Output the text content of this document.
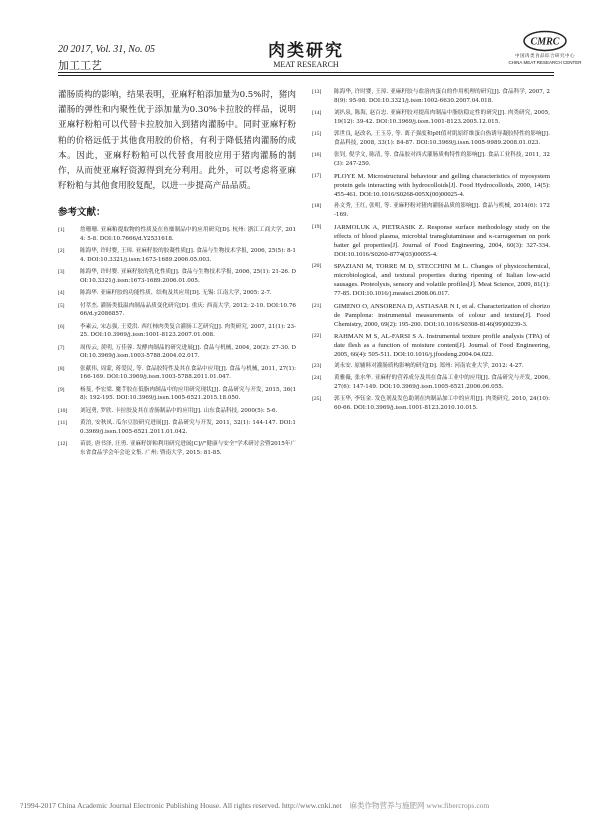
20 2017, Vol. 31, No. 05
加工工艺
肉类研究
MEAT RESEARCH
CMRC
中国肉类食品综合研究中心
CHINA MEAT RESEARCH CENTER

灌肠质构的影响，结果表明，亚麻籽粕添加量为0.5%时，猪肉灌肠的弹性和内聚性优于添加量为0.30%卡拉胶的样品，说明亚麻籽粉粕可以代替卡拉胶加入到猪肉灌肠中。同时亚麻籽粉粕的价格远低于其他食用胶的价格，有利于降低猪肉灌肠的成本。因此，亚麻籽粉粕可以代替食用胶应用于猪肉灌肠的制作，从而使亚麻籽资源得到充分利用。此外，可以考虑将亚麻籽粉粕与其他食用胶复配，以进一步提高产品品质。

参考文献：
[1]	詹珊珊. 亚麻粕提取物的性质及在鱼糜制品中的应用研究[D]. 杭州: 浙江工商大学, 2014: 5-8. DOI:10.7666/d.Y2531618.
[2]	陈海华, 许时婴, 王璋. 亚麻籽胶的胶凝性质[J]. 食品与生物技术学报, 2006, 25(5): 8-14. DOI:10.3321/j.issn:1673-1689.2006.05.003.
[3]	陈海华, 许时婴. 亚麻籽胶的乳化性质[J]. 食品与生物技术学报, 2006, 25(1): 21-26. DOI:10.3321/j.issn:1673-1689.2006.01.005.
[4]	陈海华. 亚麻籽胶的功能性质、结构及其应用[D]. 无锡: 江南大学, 2005: 2-7.
[5]	付萃杰. 灌肠类低温肉制品品质变化研究[D]. 重庆: 西南大学, 2012: 2-10. DOI:10.7666/d.y2086857.
[6]	李素云, 宋志强, 王爱洪. 西红柿肉类复合灌肠工艺研究[J]. 肉类研究, 2007, 21(1): 23-25. DOI:10.3969/j.issn:1001-8123.2007.01.008.
[7]	周传云, 黄明, 万佳蓉. 发酵肉制品的研究进展[J]. 食品与机械, 2004, 20(2): 27-30. DOI:10.3969/j.issn.1003-5788.2004.02.017.
[8]	张献伟, 周蒙, 蒋爱民, 等. 食品胶特性及其在食品中应用[J]. 食品与机械, 2011, 27(1): 166-169. DOI:10.3969/j.issn.1003-5788.2011.01.047.
[9]	杨斐, 李宏梁. 魔芋胶在低脂肉制品中的应用研究现状[J]. 食品研究与开发, 2015, 36(18): 192-195. DOI:10.3969/j.issn.1005-6521.2015.18.050.
[10]	刘冠勇, 罗欣. 卡拉胶及其在香肠制品中的应用[J]. 山东食品科技, 2000(5): 5-6.
[11]	黄泊, 安秋凤. 瓜尔豆胶研究进展[J]. 食品研究与开发, 2011, 32(1): 144-147. DOI:10.3969/j.issn.1005-6521.2011.01.042.
[12]	苗晨, 唐书泽, 汪勇. 亚麻籽饼粕利用研究进展[C]//"健康与安全"学术研讨会暨2015年广东省食品学会年会论文集. 广州: 暨南大学, 2015: 81-85.
[13]	陈海华, 许时婴, 王璋. 亚麻籽胶与盐溶肉蛋白的作用机理的研究[J]. 食品科学, 2007, 28(9): 95-98. DOI:10.3321/j.issn:1002-6630.2007.04.018.
[14]	刘扒泉, 陈海, 赵百忠. 亚麻籽胶对提高肉制品中脂肪稳定性的研究[J]. 肉类研究, 2005, 19(12): 39-42. DOI:10.3969/j.issn.1001-8123.2005.12.015.
[15]	郭世良, 赵改名, 王玉芬, 等. 离子强度和pH值对肌原纤维蛋白热诱导凝胶特性的影响[J]. 食品科技, 2008, 33(1): 84-87. DOI:10.3969/j.issn.1005-9989.2008.01.023.
[16]	张钊, 倪学文, 陈清, 等. 食品胶对西式灌肠质构特性的影响[J]. 食品工业科技, 2011, 32(3): 247-250.
[17]	PLOYE M. Microstructural behaviour and gelling characteristics of myosystem protein gels interacting with hydrocolloids[J]. Food Hydrocolloids, 2000, 14(5): 455-461. DOI:10.1016/S0268-005X(00)00025-4.
[18]	孙文秀, 王红, 张明, 等. 亚麻籽粉对猪肉灌肠品质的影响[J]. 食品与机械, 2014(6): 172-169.
[19]	JARMOLUK A, PIETRASIK Z. Response surface methodology study on the effects of blood plasma, microbial transglutaminase and κ-carrageenan on pork batter gel properties[J]. Journal of Food Engineering, 2004, 60(3): 327-334. DOI:10.1016/S0260-8774(03)00055-4.
[20]	SPAZIANI M, TORRE M D, STECCHINI M L. Changes of physicochemical, microbiological, and textural properties during ripening of Italian low-acid sausages. Proteolysis, sensory and volatile profiles[J]. Meat Science, 2009, 81(1): 77-85. DOI:10.1016/j.meatsci.2008.06.017.
[21]	GIMENO O, ANSORENA D, ASTIASAR N I, et al. Characterization of chorizo de Pamplona: instrumental measurements of colour and texture[J]. Food Chemistry, 2000, 69(2): 195-200. DOI:10.1016/S0308-8146(99)00239-3.
[22]	RAHMAN M S, AL-FARSI S A. Instrumental texture profile analysis (TPA) of date flesh as a function of moisture content[J]. Journal of Food Engineering, 2005, 66(4): 505-511. DOI:10.1016/j.jfoodeng.2004.04.022.
[23]	刘永安. 原辅料对灌肠质构影响的研究[D]. 郑州: 河南农业大学, 2012: 4-27.
[24]	黄雅薇, 张水华. 亚麻籽的营养成分及其在食品工业中的应用[J]. 食品研究与开发, 2006, 27(6): 147-149. DOI:10.3969/j.issn.1005-6521.2006.06.055.
[25]	郭玉华, 李钰金. 发色剂及发色助剂在肉制品加工中的应用[J]. 肉类研究, 2010, 24(10): 60-66. DOI:10.3969/j.issn.1001-8123.2010.10.015.
?1994-2017 China Academic Journal Electronic Publishing House. All rights reserved. http://www.cnki.net 麻类作物营养与施肥网 www.fibercrops.com
